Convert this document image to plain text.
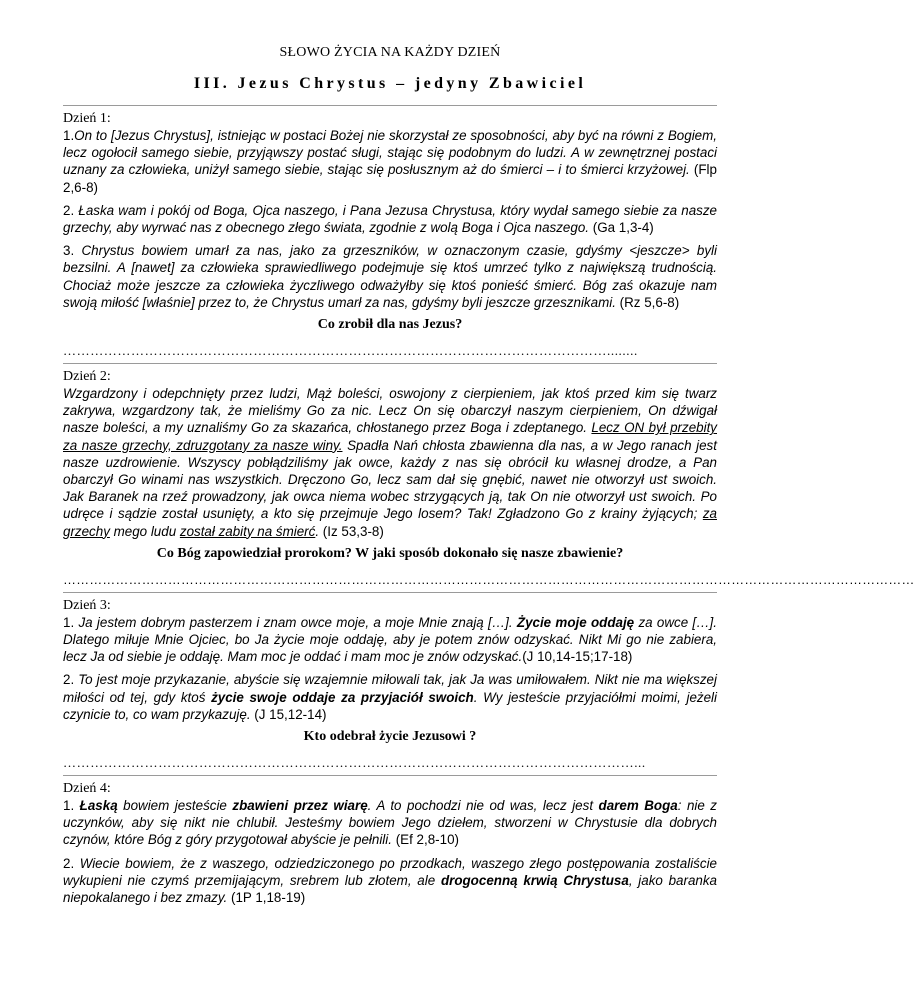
SŁOWO ŻYCIA NA KAŻDY DZIEŃ
III. Jezus Chrystus – jedyny Zbawiciel
Dzień 1:

1.On to [Jezus Chrystus], istniejąc w postaci Bożej nie skorzystał ze sposobności, aby być na równi z Bogiem, lecz ogołocił samego siebie, przyjąwszy postać sługi, stając się podobnym do ludzi. A w zewnętrznej postaci uznany za człowieka, uniżył samego siebie, stając się posłusznym aż do śmierci – i to śmierci krzyżowej. (Flp 2,6-8)

2. Łaska wam i pokój od Boga, Ojca naszego, i Pana Jezusa Chrystusa, który wydał samego siebie za nasze grzechy, aby wyrwać nas z obecnego złego świata, zgodnie z wolą Boga i Ojca naszego. (Ga 1,3-4)

3. Chrystus bowiem umarł za nas, jako za grzeszników, w oznaczonym czasie, gdyśmy <jeszcze> byli bezsilni. A [nawet] za człowieka sprawiedliwego podejmuje się ktoś umrzeć tylko z największą trudnością. Chociaż może jeszcze za człowieka życzliwego odważyłby się ktoś ponieść śmierć. Bóg zaś okazuje nam swoją miłość [właśnie] przez to, że Chrystus umarł za nas, gdyśmy byli jeszcze grzesznikami. (Rz 5,6-8)

Co zrobił dla nas Jezus?
…………………………………………………………………………………………………………........
Dzień 2:

Wzgardzony i odepchnięty przez ludzi, Mąż boleści, oswojony z cierpieniem, jak ktoś przed kim się twarz zakrywa, wzgardzony tak, że mieliśmy Go za nic. Lecz On się obarczył naszym cierpieniem, On dźwigał nasze boleści, a my uznaliśmy Go za skazańca, chłostanego przez Boga i zdeptanego. Lecz ON był przebity za nasze grzechy, zdruzgotany za nasze winy. Spadła Nań chłosta zbawienna dla nas, a w Jego ranach jest nasze uzdrowienie. Wszyscy pobłądziliśmy jak owce, każdy z nas się obrócił ku własnej drodze, a Pan obarczył Go winami nas wszystkich. Dręczono Go, lecz sam dał się gnębić, nawet nie otworzył ust swoich. Jak Baranek na rzeź prowadzony, jak owca niema wobec strzygących ją, tak On nie otworzył ust swoich. Po udręce i sądzie został usunięty, a kto się przejmuje Jego losem? Tak! Zgładzono Go z krainy żyjących; za grzechy mego ludu został zabity na śmierć. (Iz 53,3-8)

Co Bóg zapowiedział prorokom? W jaki sposób dokonało się nasze zbawienie?
……………………………………………………………………………………………………………………………………………………………………………
Dzień 3:

1. Ja jestem dobrym pasterzem i znam owce moje, a moje Mnie znają […]. Życie moje oddaję za owce […]. Dlatego miłuje Mnie Ojciec, bo Ja życie moje oddaję, aby je potem znów odzyskać. Nikt Mi go nie zabiera, lecz Ja od siebie je oddaję. Mam moc je oddać i mam moc je znów odzyskać.(J 10,14-15;17-18)

2. To jest moje przykazanie, abyście się wzajemnie miłowali tak, jak Ja was umiłowałem. Nikt nie ma większej miłości od tej, gdy ktoś życie swoje oddaje za przyjaciół swoich. Wy jesteście przyjaciółmi moimi, jeżeli czynicie to, co wam przykazuję. (J 15,12-14)

Kto odebrał życie Jezusowi ?
………………………………………………………………………………………………………………...
Dzień 4:

1. Łaską bowiem jesteście zbawieni przez wiarę. A to pochodzi nie od was, lecz jest darem Boga: nie z uczynków, aby się nikt nie chlubił. Jesteśmy bowiem Jego dziełem, stworzeni w Chrystusie dla dobrych czynów, które Bóg z góry przygotował abyście je pełnili. (Ef 2,8-10)

2. Wiecie bowiem, że z waszego, odziedziczonego po przodkach, waszego złego postępowania zostaliście wykupieni nie czymś przemijającym, srebrem lub złotem, ale drogocenną krwią Chrystusa, jako baranka niepokalanego i bez zmazy. (1P 1,18-19)
